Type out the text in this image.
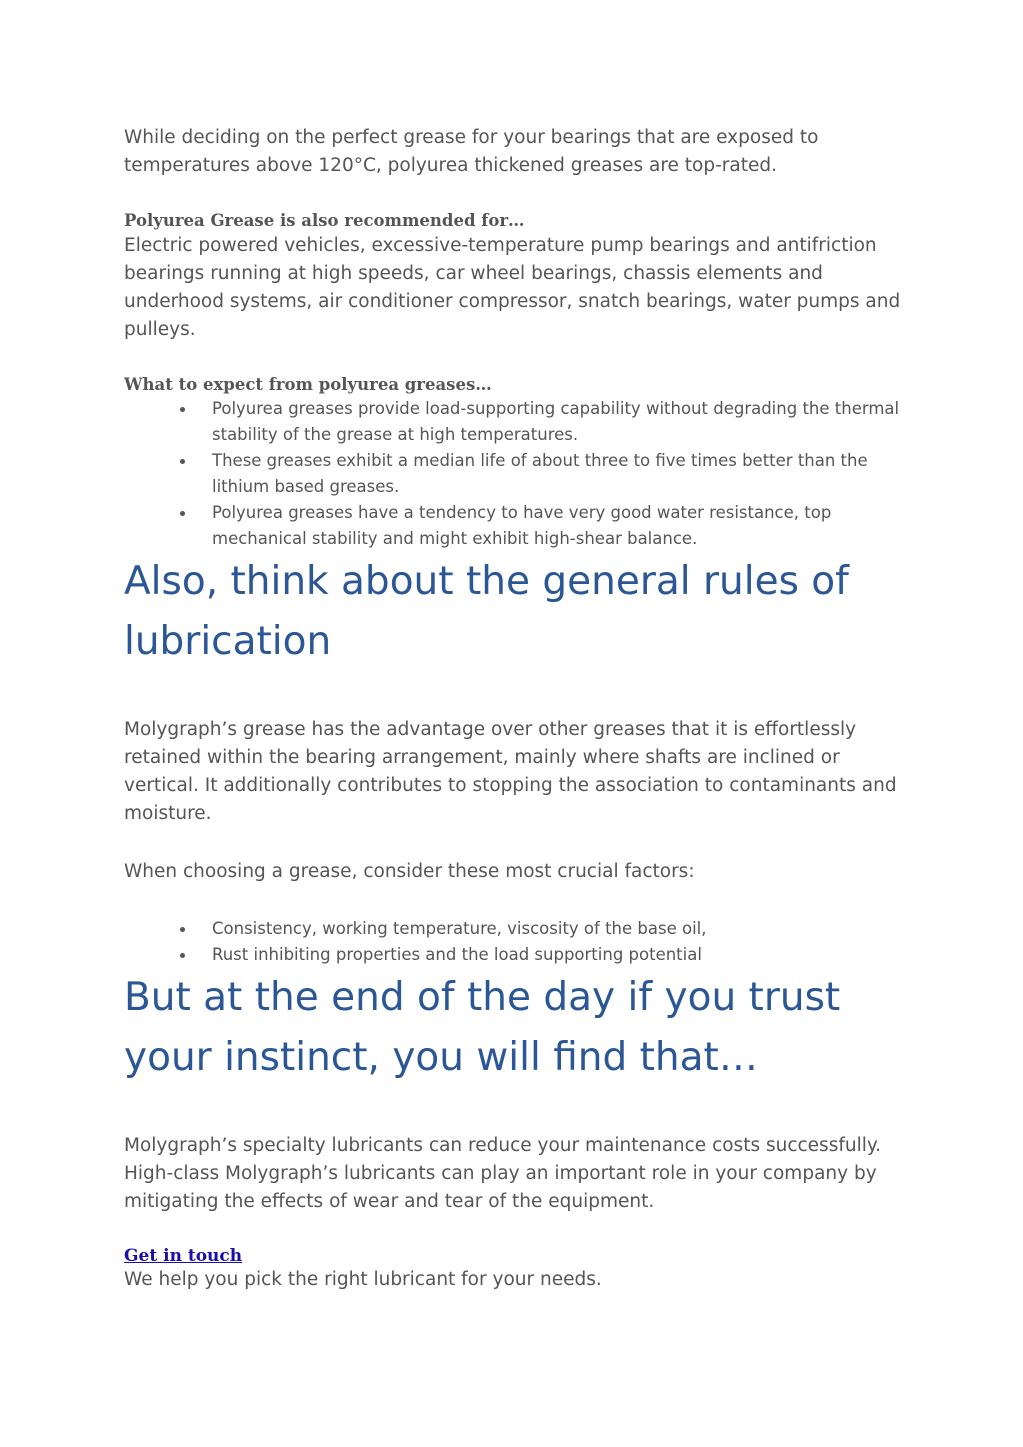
While deciding on the perfect grease for your bearings that are exposed to temperatures above 120°C, polyurea thickened greases are top-rated.

Polyurea Grease is also recommended for…

Electric powered vehicles, excessive-temperature pump bearings and antifriction bearings running at high speeds, car wheel bearings, chassis elements and underhood systems, air conditioner compressor, snatch bearings, water pumps and pulleys.

What to expect from polyurea greases…

Polyurea greases provide load-supporting capability without degrading the thermal stability of the grease at high temperatures.
These greases exhibit a median life of about three to five times better than the lithium based greases.
Polyurea greases have a tendency to have very good water resistance, top mechanical stability and might exhibit high-shear balance.
Also, think about the general rules of lubrication

Molygraph’s grease has the advantage over other greases that it is effortlessly retained within the bearing arrangement, mainly where shafts are inclined or vertical. It additionally contributes to stopping the association to contaminants and moisture.

When choosing a grease, consider these most crucial factors:

Consistency, working temperature, viscosity of the base oil,
Rust inhibiting properties and the load supporting potential
But at the end of the day if you trust your instinct, you will find that…

Molygraph’s specialty lubricants can reduce your maintenance costs successfully. High-class Molygraph’s lubricants can play an important role in your company by mitigating the effects of wear and tear of the equipment.

Get in touch

We help you pick the right lubricant for your needs.
